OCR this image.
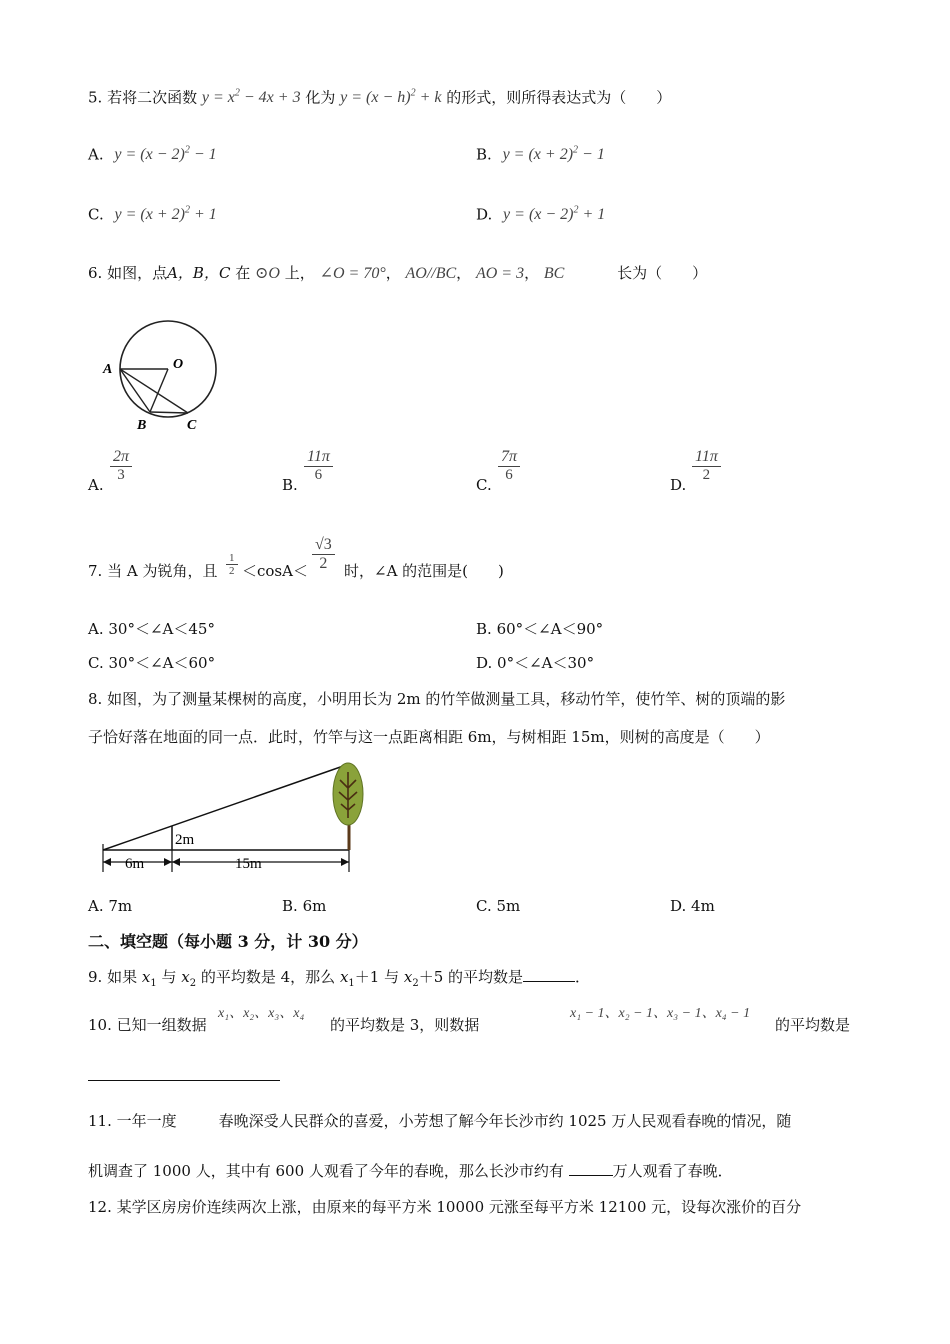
5. 若将二次函数 $y = x^2 - 4x + 3$ 化为 $y = (x - h)^2 + k$ 的形式，则所得表达式为（　　）
A. $y = (x - 2)^2 - 1$	B. $y = (x + 2)^2 - 1$
C. $y = (x + 2)^2 + 1$	D. $y = (x - 2)^2 + 1$
6. 如图，点A，B，C 在 ⊙O 上， ∠O = 70°， AO//BC， AO = 3， BC	长为（　　）
A	O
B	C
A.
$\frac{2\pi}{3}$
B.
$\frac{11\pi}{6}$
C.
$\frac{7\pi}{6}$
D.
$\frac{11\pi}{2}$
7. 当 A 为锐角，且 $\frac{1}{2} <\cos A< \frac{√3}{2}$ 时，∠A 的范围是(　　)
A. 30°＜∠A＜45°	B. 60°＜∠A＜90°
C. 30°＜∠A＜60°	D. 0°＜∠A＜30°
8. 如图，为了测量某棵树的高度，小明用长为 2m 的竹竿做测量工具，移动竹竿，使竹竿、树的顶端的影
子恰好落在地面的同一点．此时，竹竿与这一点距离相距 6m，与树相距 15m，则树的高度是（　　）
2m
6m	15m
A. 7m	B. 6m	C. 5m	D. 4m
二、填空题（每小题 3 分，计 30 分）
9. 如果 $x_1$ 与 $x_2$ 的平均数是 4，那么 $x_1+1$ 与 $x_2+5$ 的平均数是	．
10. 已知一组数据
x₁、x₂、x₃、x₄
的平均数是 3，则数据
x₁ − 1、x₂ − 1、x₃ − 1、x₄ − 1
的平均数是
11. 一年一度	春晚深受人民群众的喜爱，小芳想了解今年长沙市约 1025 万人民观看春晚的情况，随
机调查了 1000 人，其中有 600 人观看了今年的春晚，那么长沙市约有	万人观看了春晚．
12. 某学区房房价连续两次上涨，由原来的每平方米 10000 元涨至每平方米 12100 元，设每次涨价的百分
